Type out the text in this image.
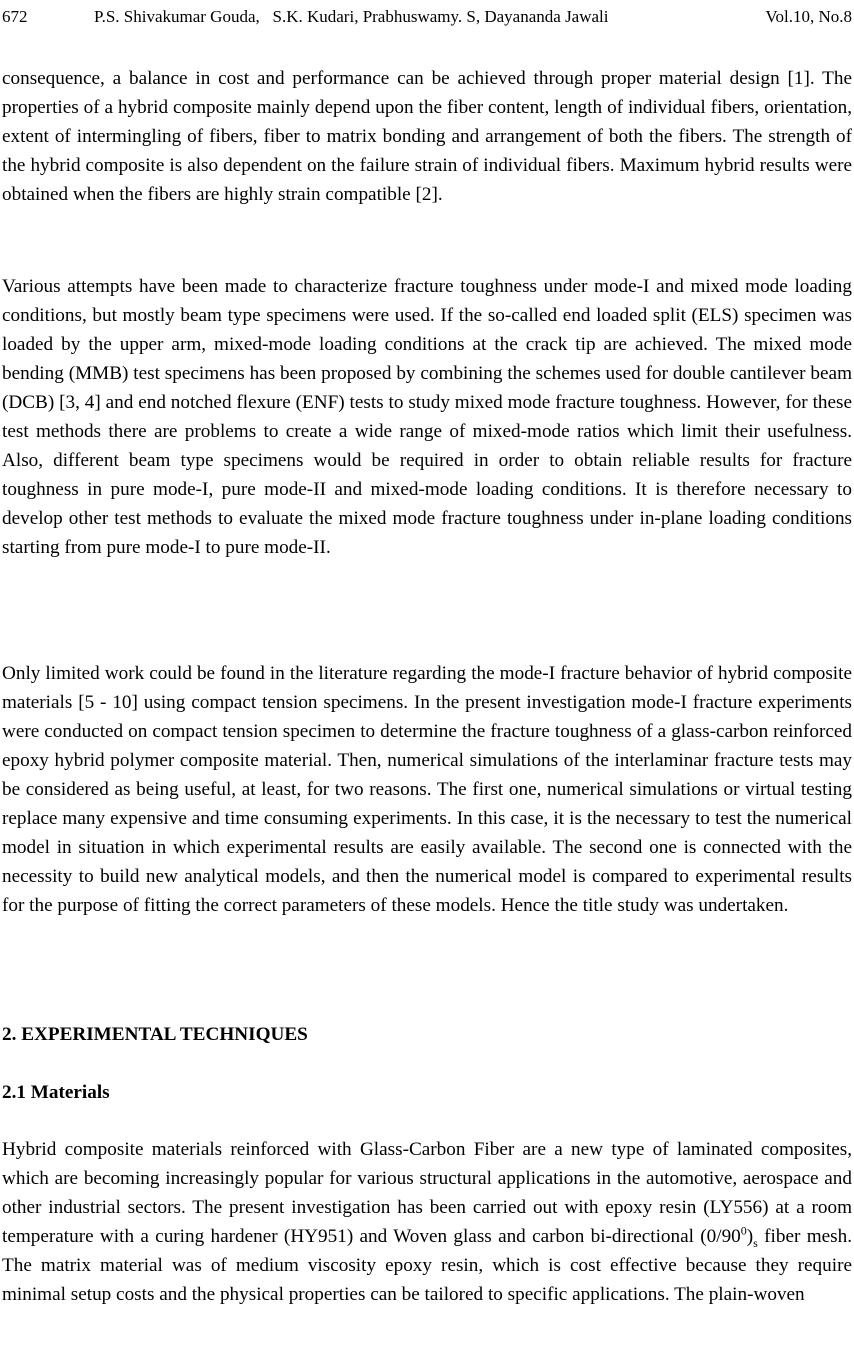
672	P.S. Shivakumar Gouda,   S.K. Kudari, Prabhuswamy. S, Dayananda Jawali	Vol.10, No.8

consequence, a balance in cost and performance can be achieved through proper material design [1]. The properties of a hybrid composite mainly depend upon the fiber content, length of individual fibers, orientation, extent of intermingling of fibers, fiber to matrix bonding and arrangement of both the fibers. The strength of the hybrid composite is also dependent on the failure strain of individual fibers. Maximum hybrid results were obtained when the fibers are highly strain compatible [2].

Various attempts have been made to characterize fracture toughness under mode-I and mixed mode loading conditions, but mostly beam type specimens were used. If the so-called end loaded split (ELS) specimen was loaded by the upper arm, mixed-mode loading conditions at the crack tip are achieved. The mixed mode bending (MMB) test specimens has been proposed by combining the schemes used for double cantilever beam (DCB) [3, 4] and end notched flexure (ENF) tests to study mixed mode fracture toughness. However, for these test methods there are problems to create a wide range of mixed-mode ratios which limit their usefulness. Also, different beam type specimens would be required in order to obtain reliable results for fracture toughness in pure mode-I, pure mode-II and mixed-mode loading conditions. It is therefore necessary to develop other test methods to evaluate the mixed mode fracture toughness under in-plane loading conditions starting from pure mode-I to pure mode-II.

Only limited work could be found in the literature regarding the mode-I fracture behavior of hybrid composite materials [5 - 10] using compact tension specimens. In the present investigation mode-I fracture experiments were conducted on compact tension specimen to determine the fracture toughness of a glass-carbon reinforced epoxy hybrid polymer composite material. Then, numerical simulations of the interlaminar fracture tests may be considered as being useful, at least, for two reasons. The first one, numerical simulations or virtual testing replace many expensive and time consuming experiments. In this case, it is the necessary to test the numerical model in situation in which experimental results are easily available. The second one is connected with the necessity to build new analytical models, and then the numerical model is compared to experimental results for the purpose of fitting the correct parameters of these models. Hence the title study was undertaken.

2. EXPERIMENTAL TECHNIQUES
2.1 Materials

Hybrid composite materials reinforced with Glass-Carbon Fiber are a new type of laminated composites, which are becoming increasingly popular for various structural applications in the automotive, aerospace and other industrial sectors. The present investigation has been carried out with epoxy resin (LY556) at a room temperature with a curing hardener (HY951) and Woven glass and carbon bi-directional $(0/90^0)_s$ fiber mesh. The matrix material was of medium viscosity epoxy resin, which is cost effective because they require minimal setup costs and the physical properties can be tailored to specific applications. The plain-woven
